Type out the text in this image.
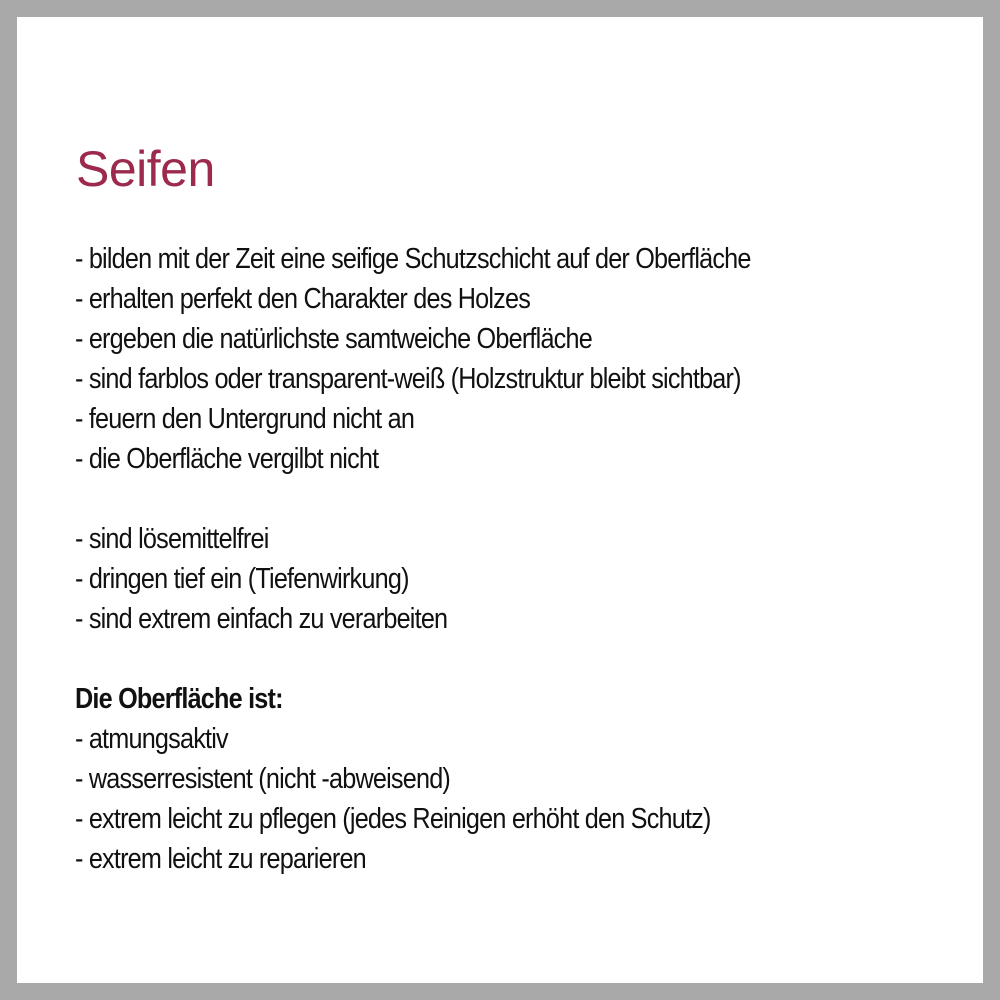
Seifen
- bilden mit der Zeit eine seifige Schutzschicht auf der Oberfläche
- erhalten perfekt den Charakter des Holzes
- ergeben die natürlichste samtweiche Oberfläche
- sind farblos oder transparent-weiß (Holzstruktur bleibt sichtbar)
- feuern den Untergrund nicht an
- die Oberfläche vergilbt nicht
- sind lösemittelfrei
- dringen tief ein (Tiefenwirkung)
- sind extrem einfach zu verarbeiten
Die Oberfläche ist:
- atmungsaktiv
- wasserresistent (nicht -abweisend)
- extrem leicht zu pflegen (jedes Reinigen erhöht den Schutz)
- extrem leicht zu reparieren
